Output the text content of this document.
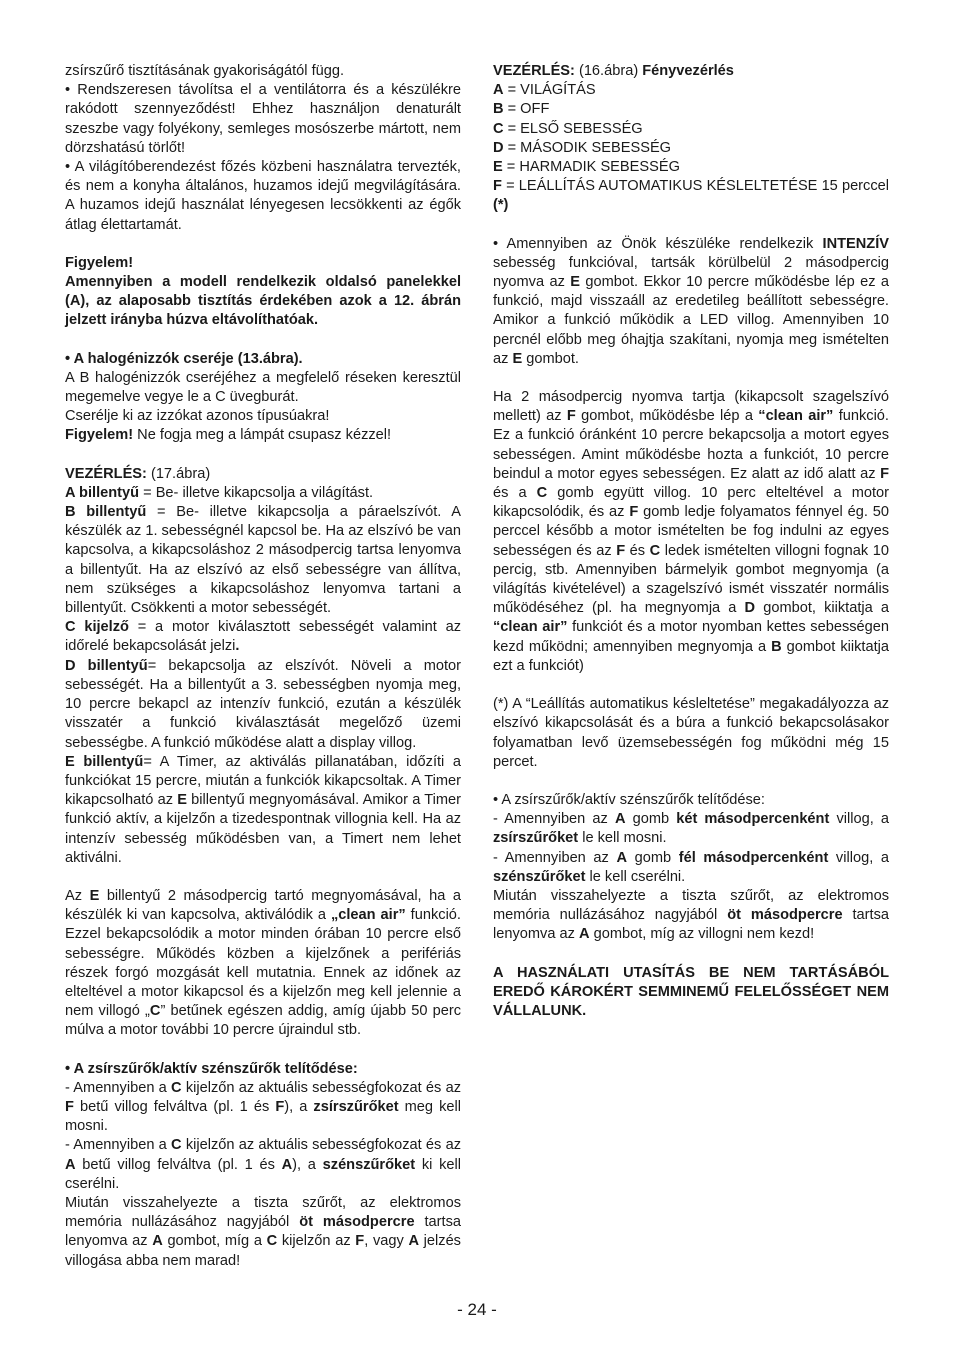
zsírszűrő tisztításának gyakoriságától függ.

• Rendszeresen távolítsa el a ventilátorra és a készülékre rakódott szennyeződést! Ehhez használjon denaturált szeszbe vagy folyékony, semleges mosószerbe mártott, nem dörzshatású törlőt!

• A világítóberendezést főzés közbeni használatra tervezték, és nem a konyha általános, huzamos idejű megvilágítására. A huzamos idejű használat lényegesen lecsökkenti az égők átlag élettartamát.

Figyelem!

Amennyiben a modell rendelkezik oldalsó panelekkel (A), az alaposabb tisztítás érdekében azok a 12. ábrán jelzett irányba húzva eltávolíthatóak.

• A halogénizzók cseréje (13.ábra).

A B halogénizzók cseréjéhez a megfelelő réseken keresztül megemelve vegye le a C üvegburát.

Cserélje ki az izzókat azonos típusúakra!

Figyelem! Ne fogja meg a lámpát csupasz kézzel!

VEZÉRLÉS: (17.ábra)

A billentyű = Be- illetve kikapcsolja a világítást.

B billentyű = Be- illetve kikapcsolja a páraelszívót. A készülék az 1. sebességnél kapcsol be. Ha az elszívó be van kapcsolva, a kikapcsoláshoz 2 másodpercig tartsa lenyomva a billentyűt. Ha az elszívó az első sebességre van állítva, nem szükséges a kikapcsoláshoz lenyomva tartani a billentyűt. Csökkenti a motor sebességét.

C kijelző = a motor kiválasztott sebességét valamint az időrelé bekapcsolását jelzi.

D billentyű= bekapcsolja az elszívót. Növeli a motor sebességét. Ha a billentyűt a 3. sebességben nyomja meg, 10 percre bekapcl az intenzív funkció, ezután a készülék visszatér a funkció kiválasztását megelőző üzemi sebességbe. A funkció működése alatt a display villog.

E billentyű= A Timer, az aktiválás pillanatában, időzíti a funkciókat 15 percre, miután a funkciók kikapcsoltak. A Timer kikapcsolható az E billentyű megnyomásával. Amikor a Timer funkció aktív, a kijelzőn a tizedespontnak villognia kell. Ha az intenzív sebesség működésben van, a Timert nem lehet aktiválni.

Az E billentyű 2 másodpercig tartó megnyomásával, ha a készülék ki van kapcsolva, aktiválódik a „clean air” funkció. Ezzel bekapcsolódik a motor minden órában 10 percre első sebességre. Működés közben a kijelzőnek a perifériás részek forgó mozgását kell mutatnia. Ennek az időnek az elteltével a motor kikapcsol és a kijelzőn meg kell jelennie a nem villogó „C” betűnek egészen addig, amíg újabb 50 perc múlva a motor további 10 percre újraindul stb.

• A zsírszűrők/aktív szénszűrők telítődése:

- Amennyiben a C kijelzőn az aktuális sebességfokozat és az F betű villog felváltva (pl. 1 és F), a zsírszűrőket meg kell mosni.

- Amennyiben a C kijelzőn az aktuális sebességfokozat és az A betű villog felváltva (pl. 1 és A), a szénszűrőket ki kell cserélni.

Miután visszahelyezte a tiszta szűrőt, az elektromos memória nullázásához nagyjából öt másodpercre tartsa lenyomva az A gombot, míg a C kijelzőn az F, vagy A jelzés villogása abba nem marad!

VEZÉRLÉS: (16.ábra) Fényvezérlés

A = VILÁGÍTÁS

B = OFF

C = ELSŐ SEBESSÉG

D = MÁSODIK SEBESSÉG

E = HARMADIK SEBESSÉG

F = LEÁLLÍTÁS AUTOMATIKUS KÉSLELTETÉSE 15 perccel (*)

• Amennyiben az Önök készüléke rendelkezik INTENZÍV sebesség funkcióval, tartsák körülbelül 2 másodpercig nyomva az E gombot. Ekkor 10 percre működésbe lép ez a funkció, majd visszaáll az eredetileg beállított sebességre. Amikor a funkció működik a LED villog. Amennyiben 10 percnél előbb meg óhajtja szakítani, nyomja meg ismételten az E gombot.

Ha 2 másodpercig nyomva tartja (kikapcsolt szagelszívó mellett) az F gombot, működésbe lép a “clean air” funkció. Ez a funkció óránként 10 percre bekapcsolja a motort egyes sebességen. Amint működésbe hozta a funkciót, 10 percre beindul a motor egyes sebességen. Ez alatt az idő alatt az F és a C gomb együtt villog. 10 perc elteltével a motor kikapcsolódik, és az F gomb ledje folyamatos fénnyel ég. 50 perccel később a motor ismételten be fog indulni az egyes sebességen és az F és C ledek ismételten villogni fognak 10 percig, stb. Amennyiben bármelyik gombot megnyomja (a világítás kivételével) a szagelszívó ismét visszatér normális működéséhez (pl. ha megnyomja a D gombot, kiiktatja a “clean air” funkciót és a motor nyomban kettes sebességen kezd működni; amennyiben megnyomja a B gombot kiiktatja ezt a funkciót)

(*) A “Leállítás automatikus késleltetése” megakadályozza az elszívó kikapcsolását és a búra a funkció bekapcsolásakor folyamatban levő üzemsebességén fog működni még 15 percet.

• A zsírszűrők/aktív szénszűrők telítődése:

- Amennyiben az A gomb két másodpercenként villog, a zsírszűrőket le kell mosni.

- Amennyiben az A gomb fél másodpercenként villog, a szénszűrőket le kell cserélni.

Miután visszahelyezte a tiszta szűrőt, az elektromos memória nullázásához nagyjából öt másodpercre tartsa lenyomva az A gombot, míg az villogni nem kezd!

A HASZNÁLATI UTASÍTÁS BE NEM TARTÁSÁBÓL EREDŐ KÁROKÉRT SEMMINEMŰ FELELŐSSÉGET NEM VÁLLALUNK.

- 24 -
